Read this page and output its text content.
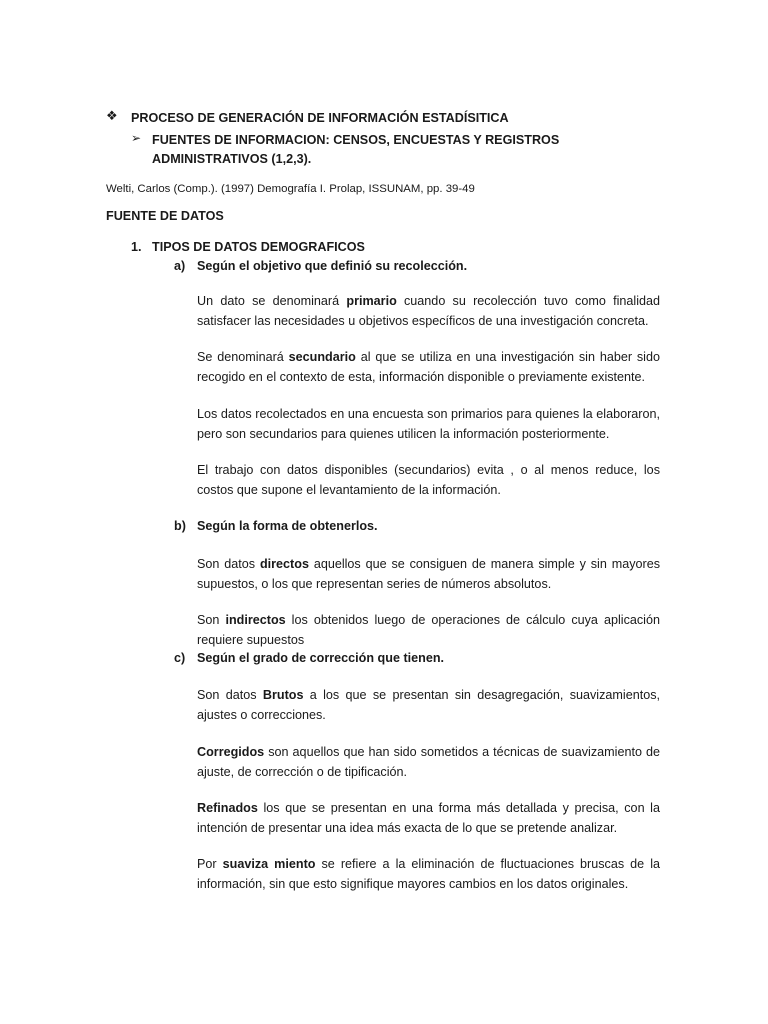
❖ PROCESO DE GENERACIÓN DE INFORMACIÓN ESTADÍSITICA
➢ FUENTES DE INFORMACION: CENSOS, ENCUESTAS Y REGISTROS
ADMINISTRATIVOS (1,2,3).
Welti, Carlos (Comp.). (1997) Demografía I. Prolap, ISSUNAM, pp. 39-49
FUENTE DE DATOS
1. TIPOS DE DATOS DEMOGRAFICOS
a) Según el objetivo que definió su recolección.

Un dato se denominará primario cuando su recolección tuvo como finalidad satisfacer las necesidades u objetivos específicos de una investigación concreta.

Se denominará secundario al que se utiliza en una investigación sin haber sido recogido en el contexto de esta, información disponible o previamente existente.

Los datos recolectados en una encuesta son primarios para quienes la elaboraron, pero son secundarios para quienes utilicen la información posteriormente.

El trabajo con datos disponibles (secundarios) evita , o al menos reduce, los costos que supone el levantamiento de la información.

b) Según la forma de obtenerlos.

Son datos directos aquellos que se consiguen de manera simple y sin mayores supuestos, o los que representan series de números absolutos.

Son indirectos los obtenidos luego de operaciones de cálculo cuya aplicación requiere supuestos

c) Según el grado de corrección que tienen.

Son datos Brutos a los que se presentan sin desagregación, suavizamientos, ajustes o correcciones.

Corregidos son aquellos que han sido sometidos a técnicas de suavizamiento de ajuste, de corrección o de tipificación.

Refinados los que se presentan en una forma más detallada y precisa, con la intención de presentar una idea más exacta de lo que se pretende analizar.

Por suaviza miento se refiere a la eliminación de fluctuaciones bruscas de la información, sin que esto signifique mayores cambios en los datos originales.
